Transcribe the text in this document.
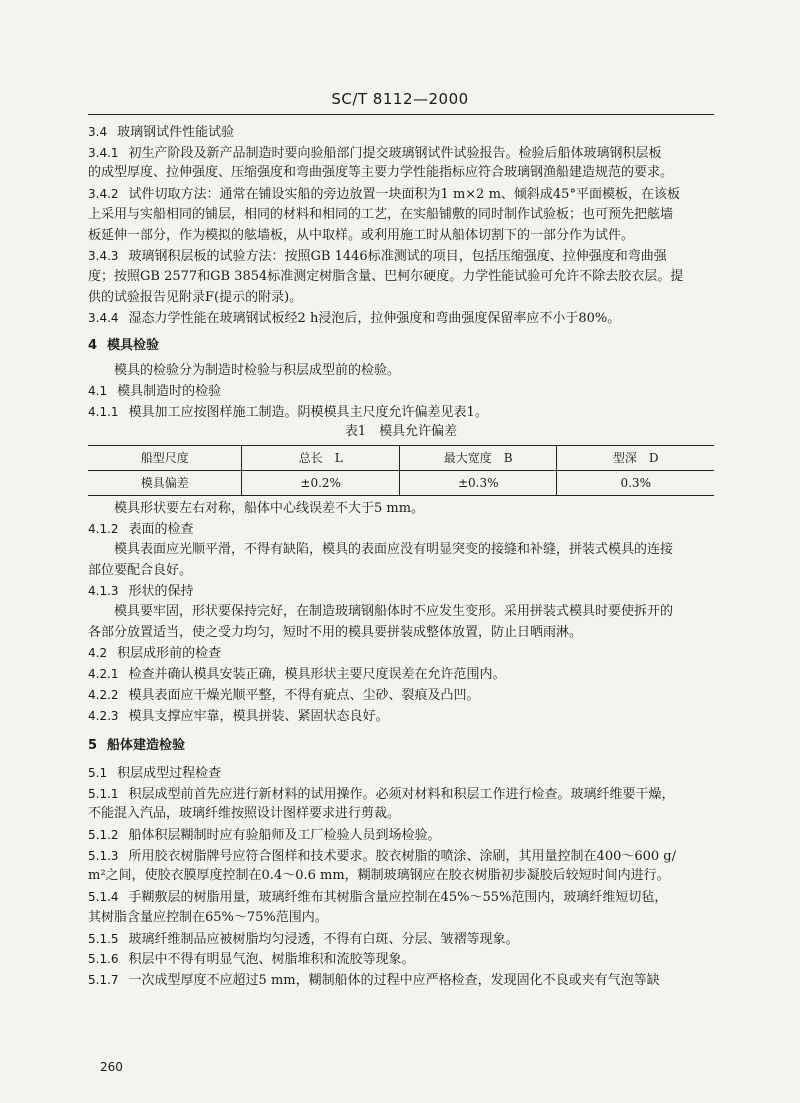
SC/T 8112—2000
3.4 玻璃钢试件性能试验
3.4.1 初生产阶段及新产品制造时要向验船部门提交玻璃钢试件试验报告。检验后船体玻璃钢积层板
的成型厚度、拉伸强度、压缩强度和弯曲强度等主要力学性能指标应符合玻璃钢渔船建造规范的要求。
3.4.2 试件切取方法：通常在铺设实船的旁边放置一块面积为1 m×2 m、倾斜成45°平面模板，在该板
上采用与实船相同的铺层，相同的材料和相同的工艺，在实船铺敷的同时制作试验板；也可预先把舷墙
板延伸一部分，作为模拟的舷墙板，从中取样。或利用施工时从船体切割下的一部分作为试件。
3.4.3 玻璃钢积层板的试验方法：按照GB 1446标准测试的项目，包括压缩强度、拉伸强度和弯曲强
度；按照GB 2577和GB 3854标准测定树脂含量、巴柯尔硬度。力学性能试验可允许不除去胶衣层。提
供的试验报告见附录F(提示的附录)。
3.4.4 湿态力学性能在玻璃钢试板经2 h浸泡后，拉伸强度和弯曲强度保留率应不小于80%。
4 模具检验
模具的检验分为制造时检验与积层成型前的检验。
4.1 模具制造时的检验
4.1.1 模具加工应按图样施工制造。阴模模具主尺度允许偏差见表1。
表1　模具允许偏差
船型尺度	总长　L	最大宽度　B	型深　D
模具偏差	±0.2%	±0.3%	0.3%
模具形状要左右对称，船体中心线误差不大于5 mm。
4.1.2 表面的检查
模具表面应光顺平滑，不得有缺陷，模具的表面应没有明显突变的接缝和补缝，拼装式模具的连接
部位要配合良好。
4.1.3 形状的保持
模具要牢固，形状要保持完好，在制造玻璃钢船体时不应发生变形。采用拼装式模具时要使拆开的
各部分放置适当，使之受力均匀，短时不用的模具要拼装成整体放置，防止日晒雨淋。
4.2 积层成形前的检查
4.2.1 检查并确认模具安装正确，模具形状主要尺度误差在允许范围内。
4.2.2 模具表面应干燥光顺平整，不得有疵点、尘砂、裂痕及凸凹。
4.2.3 模具支撑应牢靠，模具拼装、紧固状态良好。
5 船体建造检验
5.1 积层成型过程检查
5.1.1 积层成型前首先应进行新材料的试用操作。必须对材料和积层工作进行检查。玻璃纤维要干燥，
不能混入汽品，玻璃纤维按照设计图样要求进行剪裁。
5.1.2 船体积层糊制时应有验船师及工厂检验人员到场检验。
5.1.3 所用胶衣树脂牌号应符合图样和技术要求。胶衣树脂的喷涂、涂刷，其用量控制在400～600 g/
m²之间，使胶衣膜厚度控制在0.4～0.6 mm，糊制玻璃钢应在胶衣树脂初步凝胶后较短时间内进行。
5.1.4 手糊敷层的树脂用量，玻璃纤维布其树脂含量应控制在45%～55%范围内，玻璃纤维短切毡，
其树脂含量应控制在65%～75%范围内。
5.1.5 玻璃纤维制品应被树脂均匀浸透，不得有白斑、分层、皱褶等现象。
5.1.6 积层中不得有明显气泡、树脂堆积和流胶等现象。
5.1.7 一次成型厚度不应超过5 mm，糊制船体的过程中应严格检查，发现固化不良或夹有气泡等缺
260
